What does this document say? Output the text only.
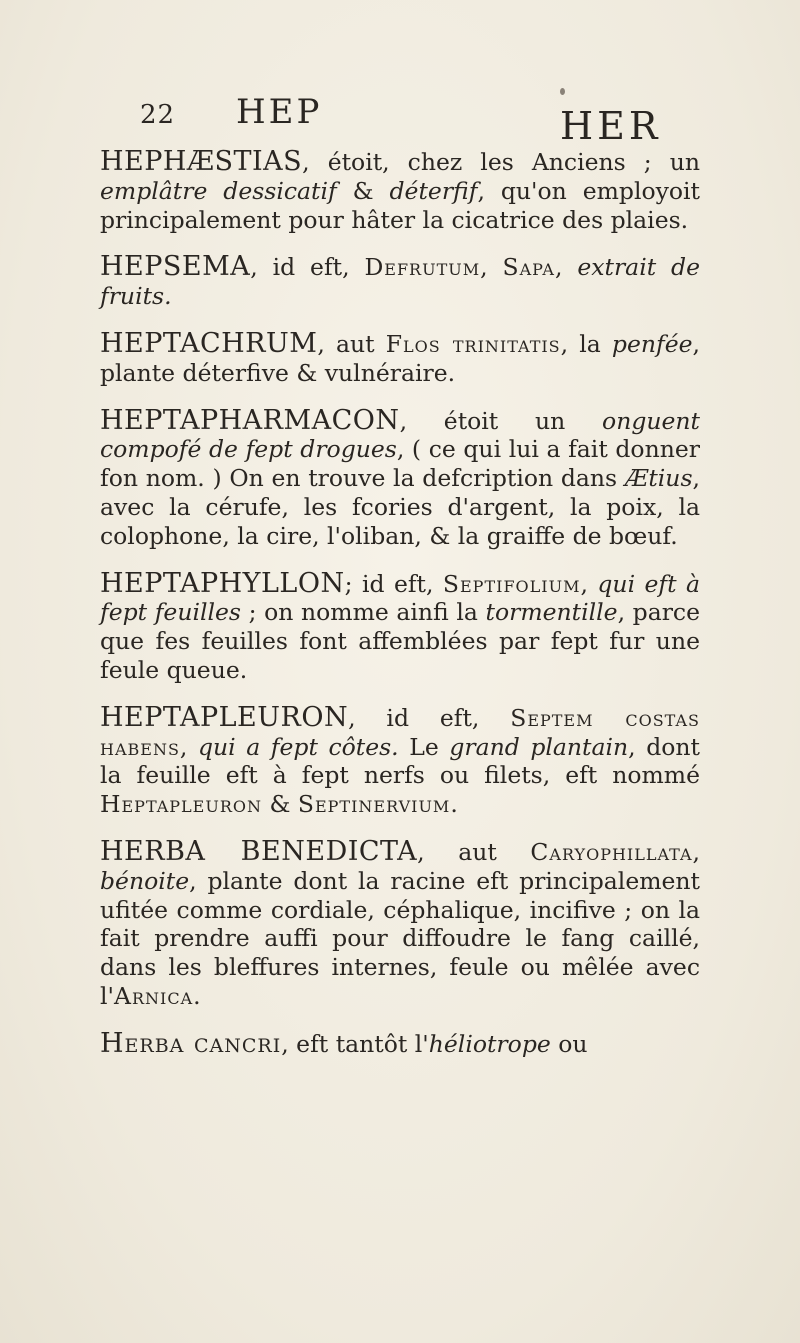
22 HEP	HER

HEPHÆSTIAS, étoit, chez les Anciens ; un emplâtre dessicatif & déterfif, qu'on employoit principalement pour hâter la cicatrice des plaies.

HEPSEMA, id eft, Defrutum, Sapa, extrait de fruits.

HEPTACHRUM, aut Flos trinitatis, la penfée, plante déterfive & vulnéraire.

HEPTAPHARMACON, étoit un onguent compofé de fept drogues, ( ce qui lui a fait donner fon nom. ) On en trouve la defcription dans Ætius, avec la cérufe, les fcories d'argent, la poix, la colophone, la cire, l'oliban, & la graiffe de bœuf.

HEPTAPHYLLON; id eft, Septifolium, qui eft à fept feuilles ; on nomme ainfi la tormentille, parce que fes feuilles font affemblées par fept fur une feule queue.

HEPTAPLEURON, id eft, Septem costas habens, qui a fept côtes. Le grand plantain, dont la feuille eft à fept nerfs ou filets, eft nommé Heptapleuron & Septinervium.

HERBA BENEDICTA, aut Caryophillata, bénoite, plante dont la racine eft principalement ufitée comme cordiale, céphalique, incifive ; on la fait prendre auffi pour diffoudre le fang caillé, dans les bleffures internes, feule ou mêlée avec l'Arnica.

Herba cancri, eft tantôt l'héliotrope ou
